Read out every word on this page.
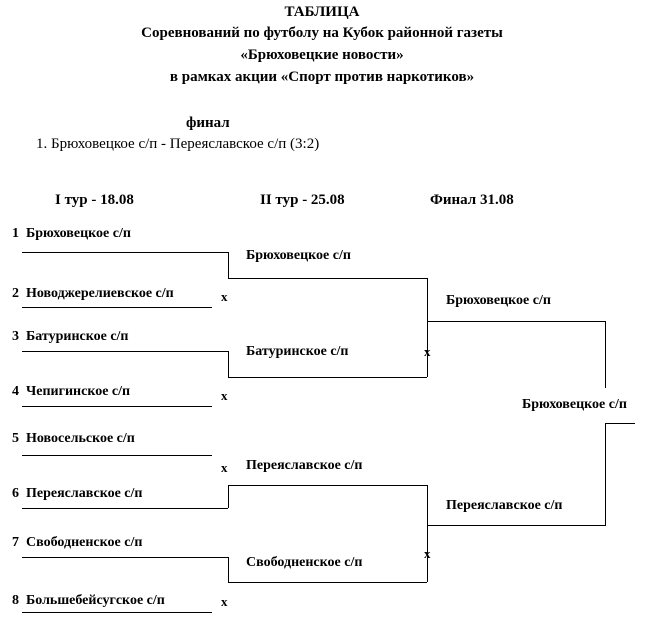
ТАБЛИЦА
Соревнований по футболу на Кубок районной газеты
«Брюховецкие новости»
в рамках акции «Спорт против наркотиков»
финал
1. Брюховецкое с/п - Переяславское с/п (3:2)
I тур - 18.08	II тур - 25.08	Финал 31.08
1 Брюховецкое с/п
2 Новоджерелиевское с/п
3 Батуринское с/п
4 Чепигинское с/п
5 Новосельское с/п
6 Переяславское с/п
7 Свободненское с/п
8 Большебейсугское с/п
x
x
x
x
Брюховецкое с/п
Батуринское с/п
Переяславское с/п
Свободненское с/п
x
x
Брюховецкое с/п
Переяславское с/п
Брюховецкое с/п
